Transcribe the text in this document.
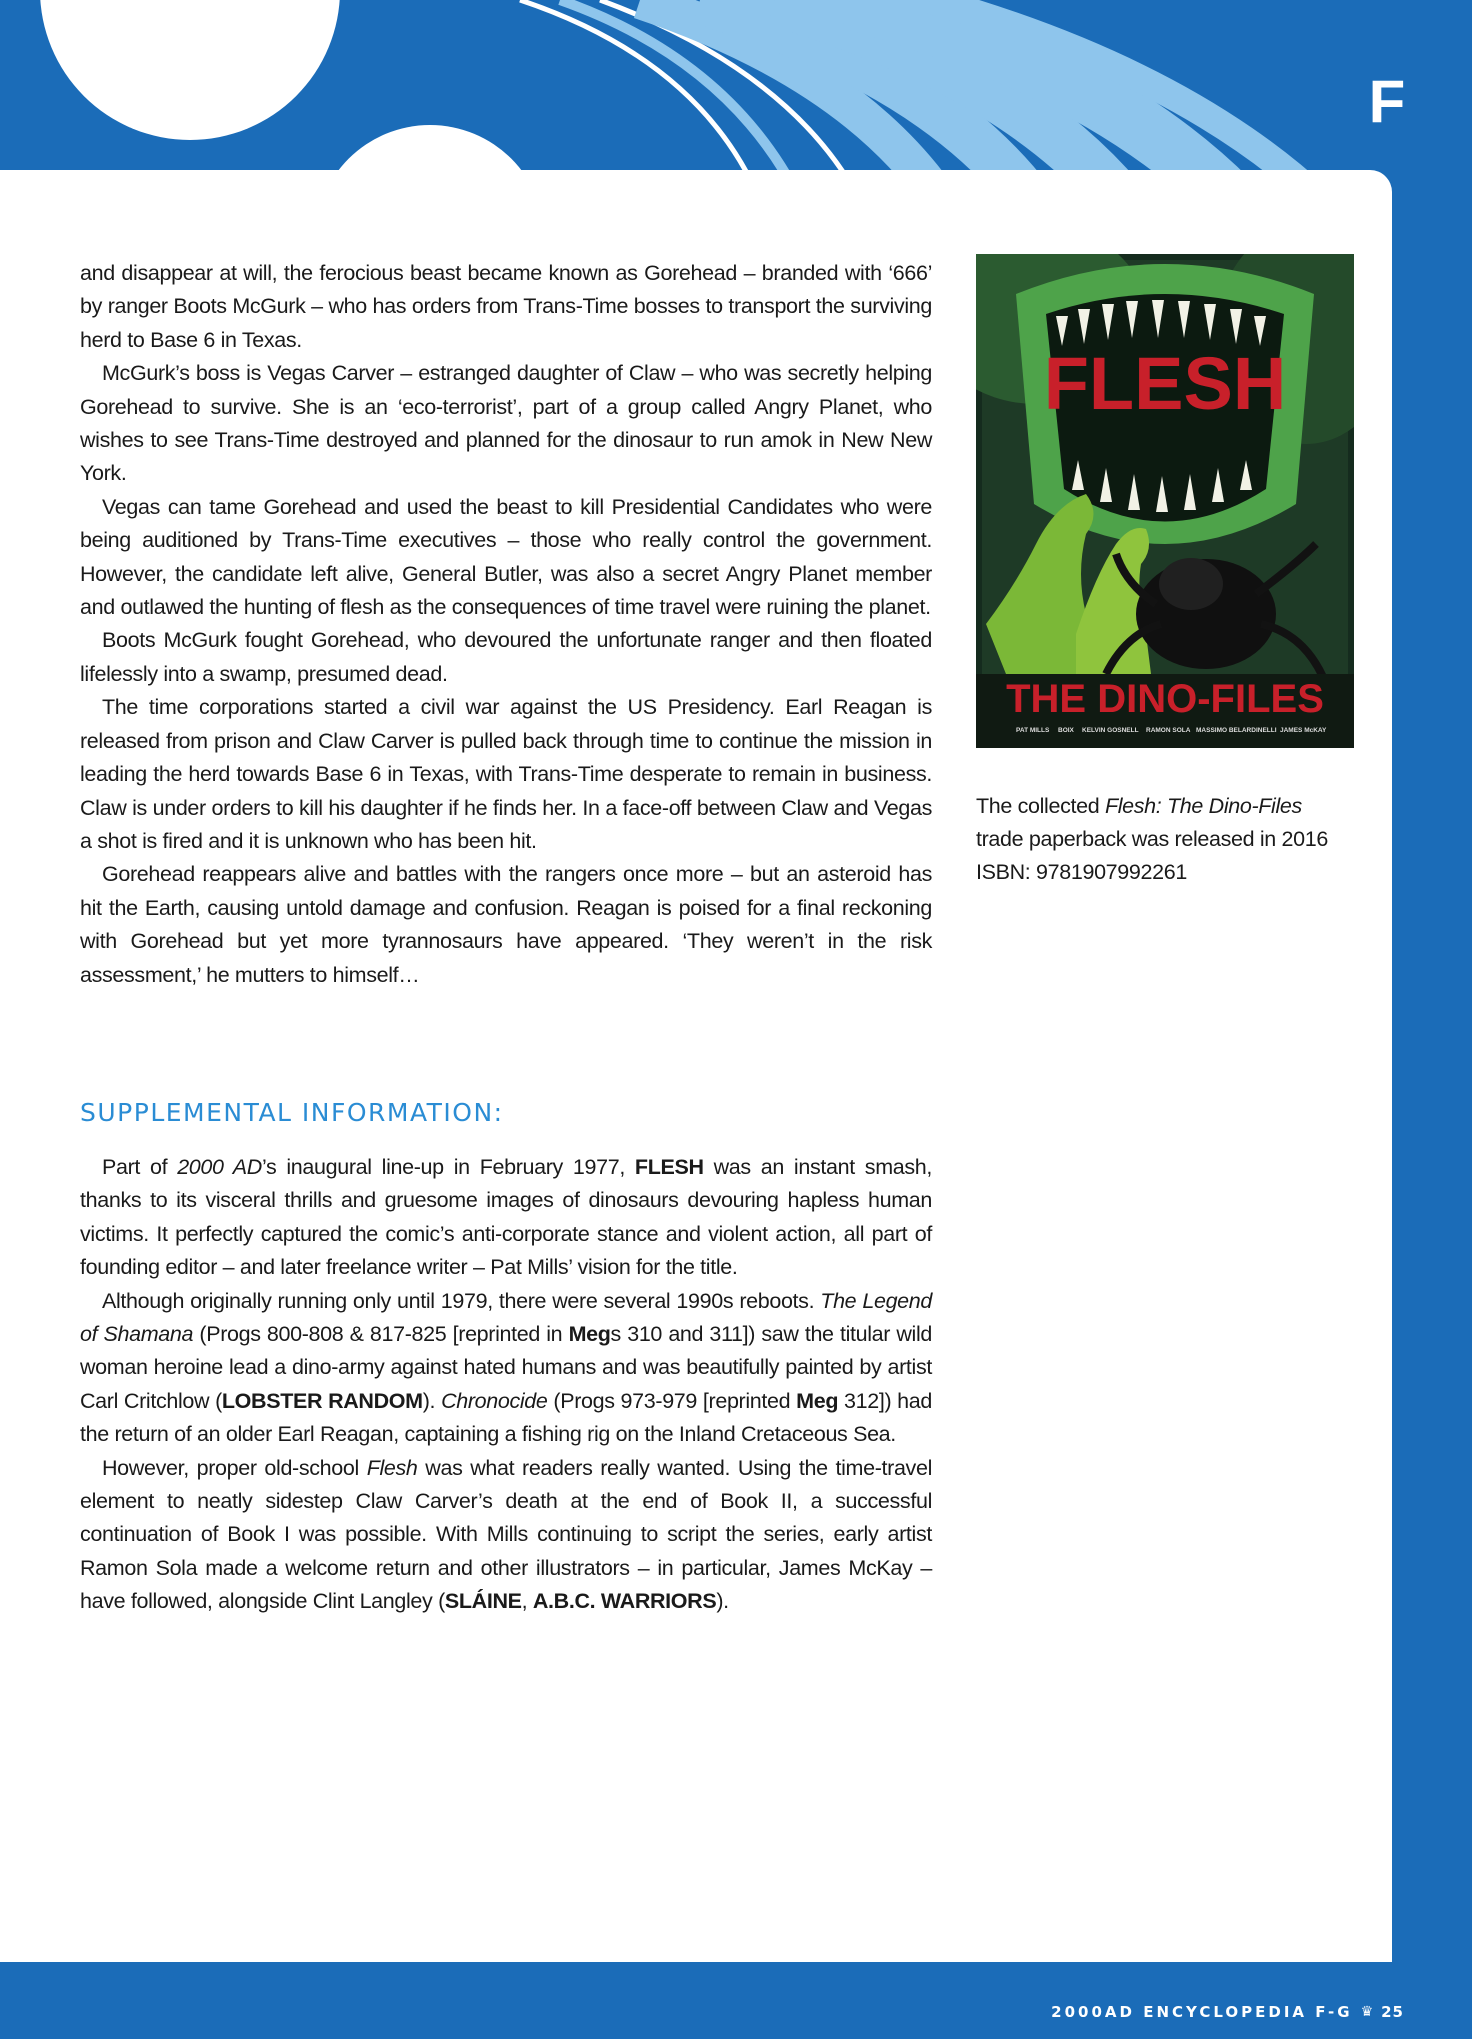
F

and disappear at will, the ferocious beast became known as Gorehead – branded with ‘666’ by ranger Boots McGurk – who has orders from Trans-Time bosses to transport the surviving herd to Base 6 in Texas.

McGurk’s boss is Vegas Carver – estranged daughter of Claw – who was secretly helping Gorehead to survive. She is an ‘eco-terrorist’, part of a group called Angry Planet, who wishes to see Trans-Time destroyed and planned for the dinosaur to run amok in New New York.

Vegas can tame Gorehead and used the beast to kill Presidential Candidates who were being auditioned by Trans-Time executives – those who really control the government. However, the candidate left alive, General Butler, was also a secret Angry Planet member and outlawed the hunting of flesh as the consequences of time travel were ruining the planet.

Boots McGurk fought Gorehead, who devoured the unfortunate ranger and then floated lifelessly into a swamp, presumed dead.

The time corporations started a civil war against the US Presidency. Earl Reagan is released from prison and Claw Carver is pulled back through time to continue the mission in leading the herd towards Base 6 in Texas, with Trans-Time desperate to remain in business. Claw is under orders to kill his daughter if he finds her. In a face-off between Claw and Vegas a shot is fired and it is unknown who has been hit.

Gorehead reappears alive and battles with the rangers once more – but an asteroid has hit the Earth, causing untold damage and confusion. Reagan is poised for a final reckoning with Gorehead but yet more tyrannosaurs have appeared. ‘They weren’t in the risk assessment,’ he mutters to himself…

FLESH
THE DINO-FILES
PAT MILLS BOIX KELVIN GOSNELL RAMON SOLA MASSIMO BELARDINELLI JAMES McKAY

The collected Flesh: The Dino-Files

trade paperback was released in 2016

ISBN: 9781907992261

SUPPLEMENTAL INFORMATION:

Part of 2000 AD’s inaugural line-up in February 1977, FLESH was an instant smash, thanks to its visceral thrills and gruesome images of dinosaurs devouring hapless human victims. It perfectly captured the comic’s anti-corporate stance and violent action, all part of founding editor – and later freelance writer – Pat Mills’ vision for the title.

Although originally running only until 1979, there were several 1990s reboots. The Legend of Shamana (Progs 800-808 & 817-825 [reprinted in Megs 310 and 311]) saw the titular wild woman heroine lead a dino-army against hated humans and was beautifully painted by artist Carl Critchlow (LOBSTER RANDOM). Chronocide (Progs 973-979 [reprinted Meg 312]) had the return of an older Earl Reagan, captaining a fishing rig on the Inland Cretaceous Sea.

However, proper old-school Flesh was what readers really wanted. Using the time-travel element to neatly sidestep Claw Carver’s death at the end of Book II, a successful continuation of Book I was possible. With Mills continuing to script the series, early artist Ramon Sola made a welcome return and other illustrators – in particular, James McKay – have followed, alongside Clint Langley (SLÁINE, A.B.C. WARRIORS).

2000AD ENCYCLOPEDIA F-G ♛ 25
